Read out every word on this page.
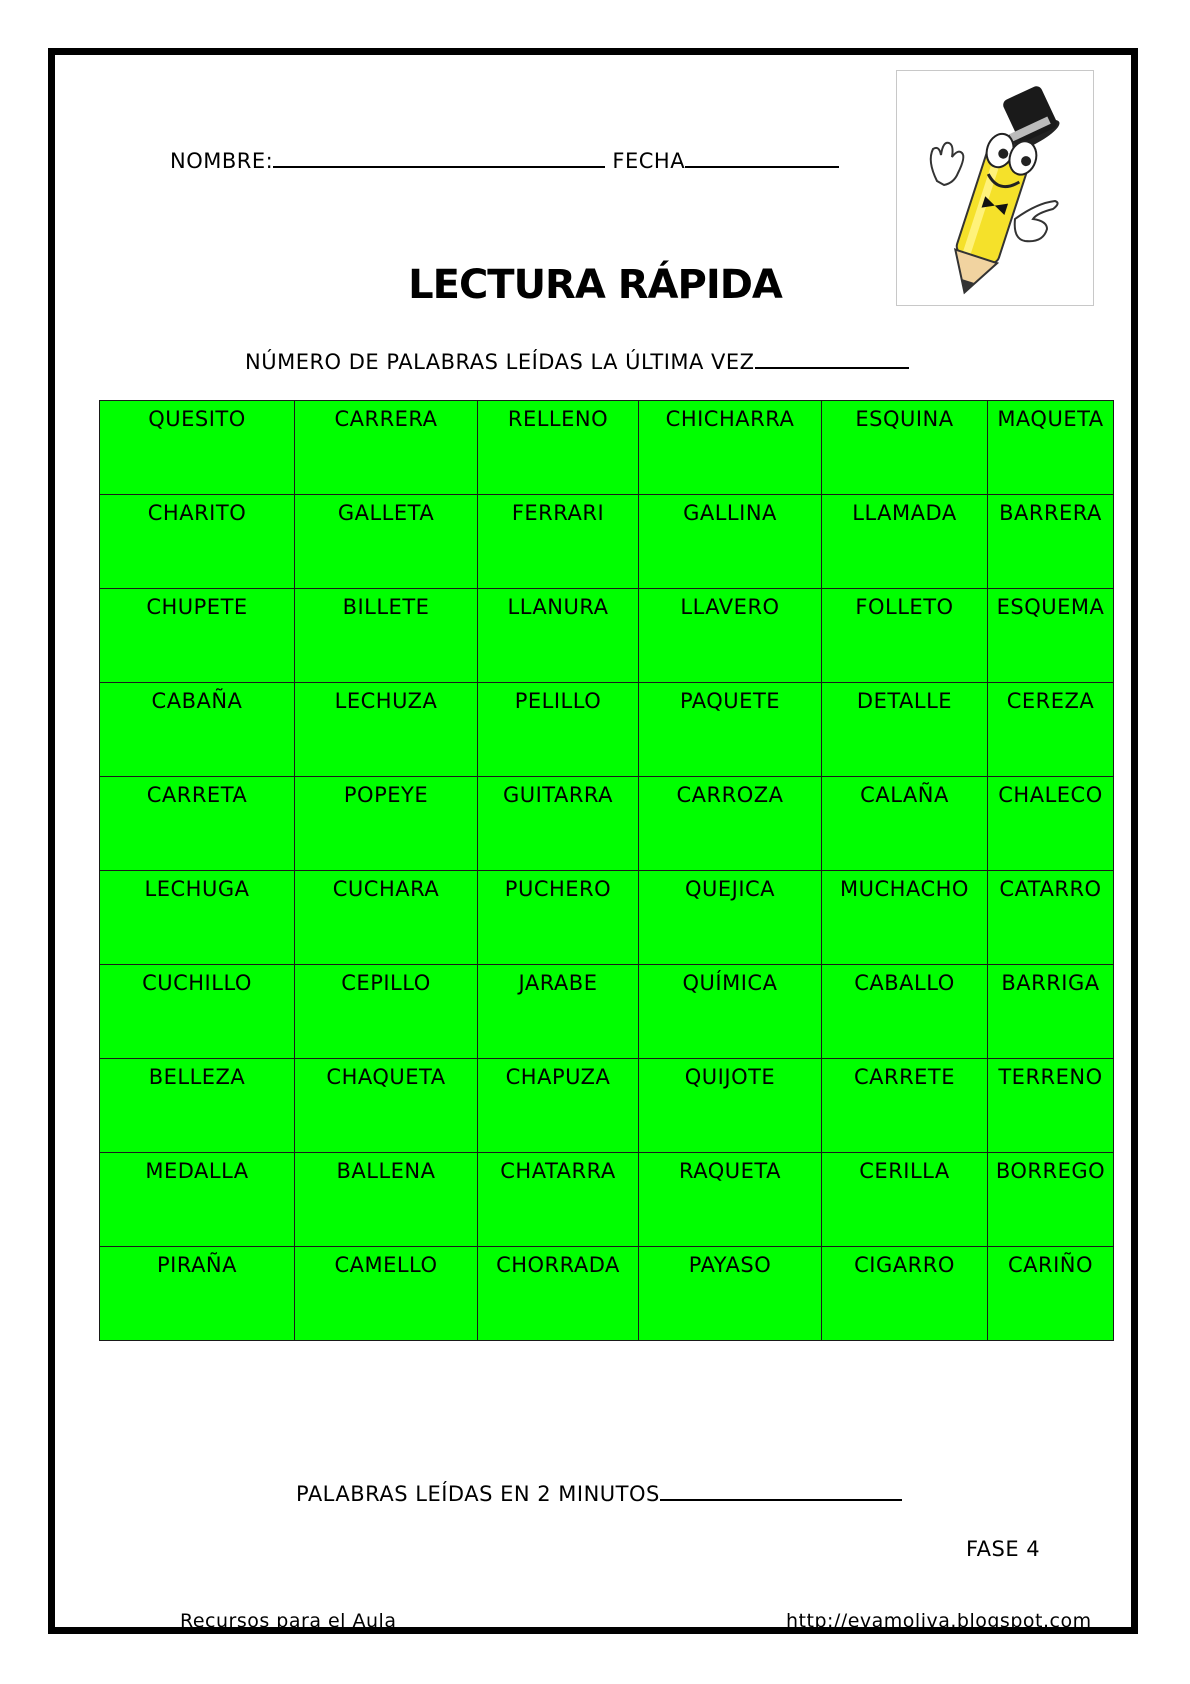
NOMBRE:	FECHA
LECTURA RÁPIDA
NÚMERO DE PALABRAS LEÍDAS LA ÚLTIMA VEZ
QUESITO	CARRERA	RELLENO	CHICHARRA	ESQUINA	MAQUETA
CHARITO	GALLETA	FERRARI	GALLINA	LLAMADA	BARRERA
CHUPETE	BILLETE	LLANURA	LLAVERO	FOLLETO	ESQUEMA
CABAÑA	LECHUZA	PELILLO	PAQUETE	DETALLE	CEREZA
CARRETA	POPEYE	GUITARRA	CARROZA	CALAÑA	CHALECO
LECHUGA	CUCHARA	PUCHERO	QUEJICA	MUCHACHO	CATARRO
CUCHILLO	CEPILLO	JARABE	QUÍMICA	CABALLO	BARRIGA
BELLEZA	CHAQUETA	CHAPUZA	QUIJOTE	CARRETE	TERRENO
MEDALLA	BALLENA	CHATARRA	RAQUETA	CERILLA	BORREGO
PIRAÑA	CAMELLO	CHORRADA	PAYASO	CIGARRO	CARIÑO
PALABRAS LEÍDAS EN 2 MINUTOS
FASE 4
Recursos para el Aula	http://evamoliva.blogspot.com
